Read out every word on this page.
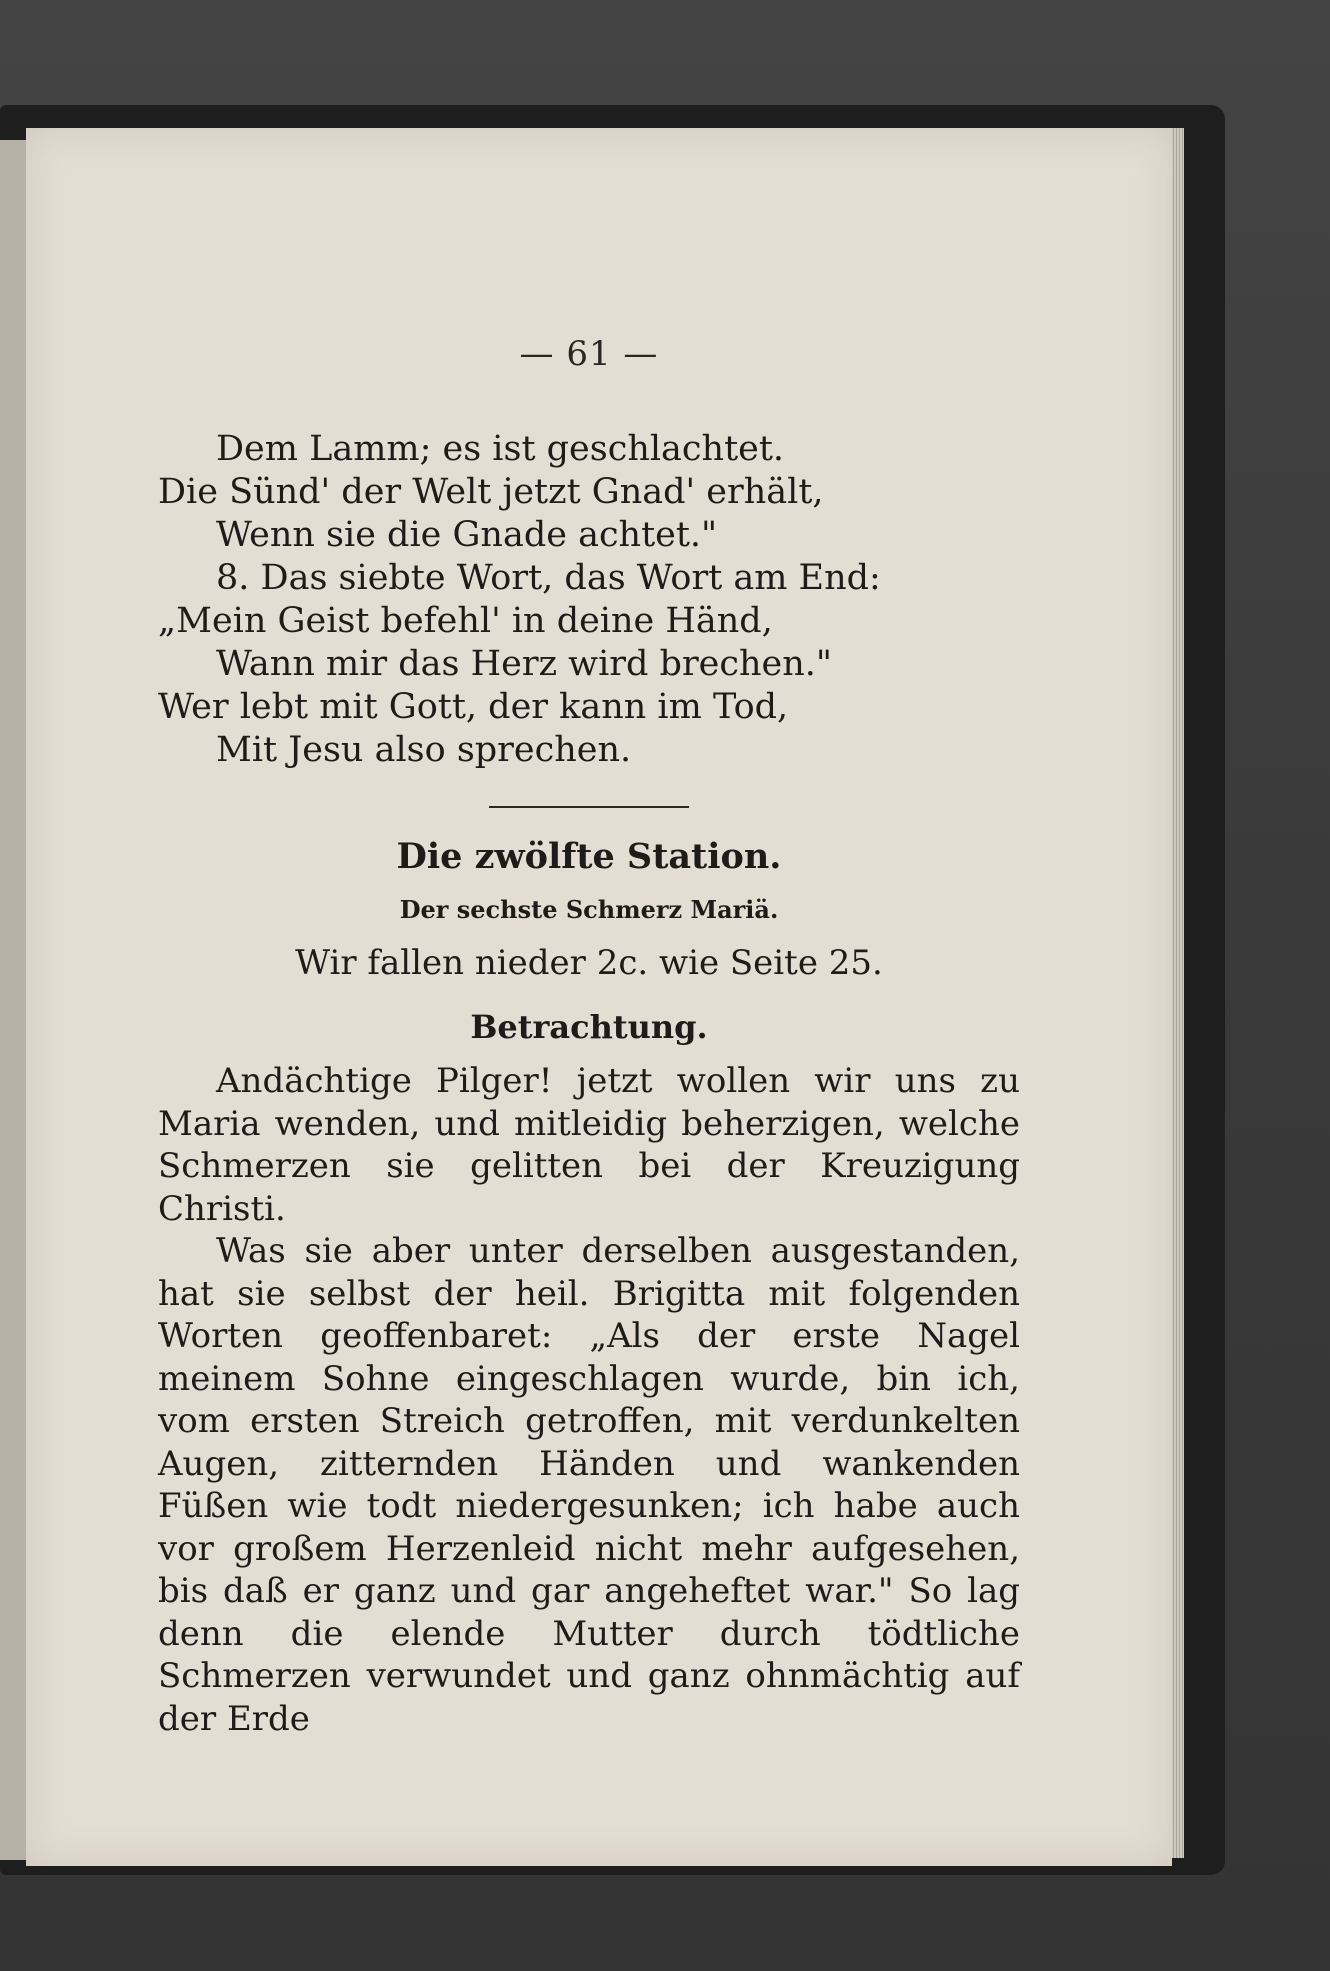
— 61 —
Dem Lamm; es ist geschlachtet.
Die Sünd' der Welt jetzt Gnad' erhält,
Wenn sie die Gnade achtet."
8. Das siebte Wort, das Wort am End:
„Mein Geist befehl' in deine Händ,
Wann mir das Herz wird brechen."
Wer lebt mit Gott, der kann im Tod,
Mit Jesu also sprechen.
Die zwölfte Station.
Der sechste Schmerz Mariä.
Wir fallen nieder 2c. wie Seite 25.
Betrachtung.

Andächtige Pilger! jetzt wollen wir uns zu Maria wenden, und mitleidig beherzigen, welche Schmerzen sie gelitten bei der Kreuzigung Christi.

Was sie aber unter derselben ausgestanden, hat sie selbst der heil. Brigitta mit folgenden Worten geoffenbaret: „Als der erste Nagel meinem Sohne eingeschlagen wurde, bin ich, vom ersten Streich getroffen, mit verdunkelten Augen, zitternden Händen und wankenden Füßen wie todt niedergesunken; ich habe auch vor großem Herzenleid nicht mehr aufgesehen, bis daß er ganz und gar angeheftet war." So lag denn die elende Mutter durch tödtliche Schmerzen verwundet und ganz ohnmächtig auf der Erde
